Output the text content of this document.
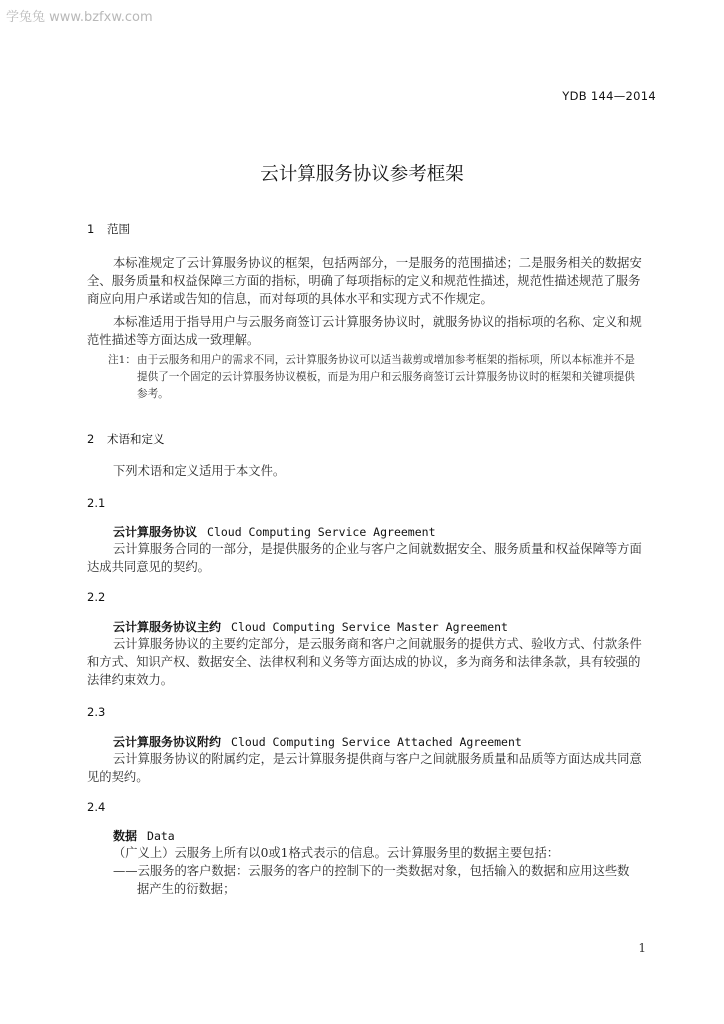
学兔兔 www.bzfxw.com
YDB 144—2014
云计算服务协议参考框架
1 范围
本标准规定了云计算服务协议的框架，包括两部分，一是服务的范围描述；二是服务相关的数据安
全、服务质量和权益保障三方面的指标，明确了每项指标的定义和规范性描述，规范性描述规范了服务
商应向用户承诺或告知的信息，而对每项的具体水平和实现方式不作规定。
本标准适用于指导用户与云服务商签订云计算服务协议时，就服务协议的指标项的名称、定义和规
范性描述等方面达成一致理解。
注1： 由于云服务和用户的需求不同，云计算服务协议可以适当裁剪或增加参考框架的指标项，所以本标准并不是
提供了一个固定的云计算服务协议模板，而是为用户和云服务商签订云计算服务协议时的框架和关键项提供
参考。
2 术语和定义
下列术语和定义适用于本文件。
2.1
云计算服务协议 Cloud Computing Service Agreement
云计算服务合同的一部分，是提供服务的企业与客户之间就数据安全、服务质量和权益保障等方面
达成共同意见的契约。
2.2
云计算服务协议主约 Cloud Computing Service Master Agreement
云计算服务协议的主要约定部分，是云服务商和客户之间就服务的提供方式、验收方式、付款条件
和方式、知识产权、数据安全、法律权利和义务等方面达成的协议，多为商务和法律条款，具有较强的
法律约束效力。
2.3
云计算服务协议附约 Cloud Computing Service Attached Agreement
云计算服务协议的附属约定，是云计算服务提供商与客户之间就服务质量和品质等方面达成共同意
见的契约。
2.4
数据 Data
（广义上）云服务上所有以0或1格式表示的信息。云计算服务里的数据主要包括：
——云服务的客户数据：云服务的客户的控制下的一类数据对象，包括输入的数据和应用这些数
据产生的衍数据；
1
